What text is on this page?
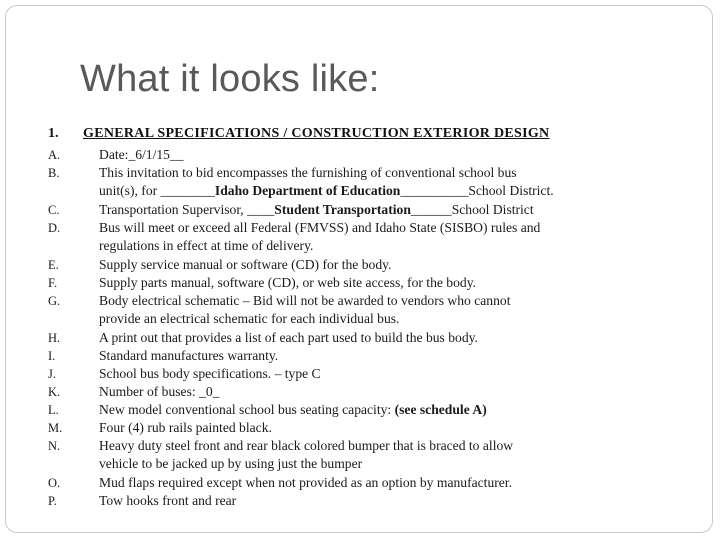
What it looks like:
1. GENERAL SPECIFICATIONS / CONSTRUCTION EXTERIOR DESIGN
A.	Date:_6/1/15__
B.	This invitation to bid encompasses the furnishing of conventional school bus
unit(s), for ________Idaho Department of Education__________School District.
C.	Transportation Supervisor, ____Student Transportation______School District
D.	Bus will meet or exceed all Federal (FMVSS) and Idaho State (SISBO) rules and
regulations in effect at time of delivery.
E.	Supply service manual or software (CD) for the body.
F.	Supply parts manual, software (CD), or web site access, for the body.
G.	Body electrical schematic – Bid will not be awarded to vendors who cannot
provide an electrical schematic for each individual bus.
H.	A print out that provides a list of each part used to build the bus body.
I.	Standard manufactures warranty.
J.	School bus body specifications. – type C
K.	Number of buses: _0_
L.	New model conventional school bus seating capacity: (see schedule A)
M.	Four (4) rub rails painted black.
N.	Heavy duty steel front and rear black colored bumper that is braced to allow
vehicle to be jacked up by using just the bumper
O.	Mud flaps required except when not provided as an option by manufacturer.
P.	Tow hooks front and rear
